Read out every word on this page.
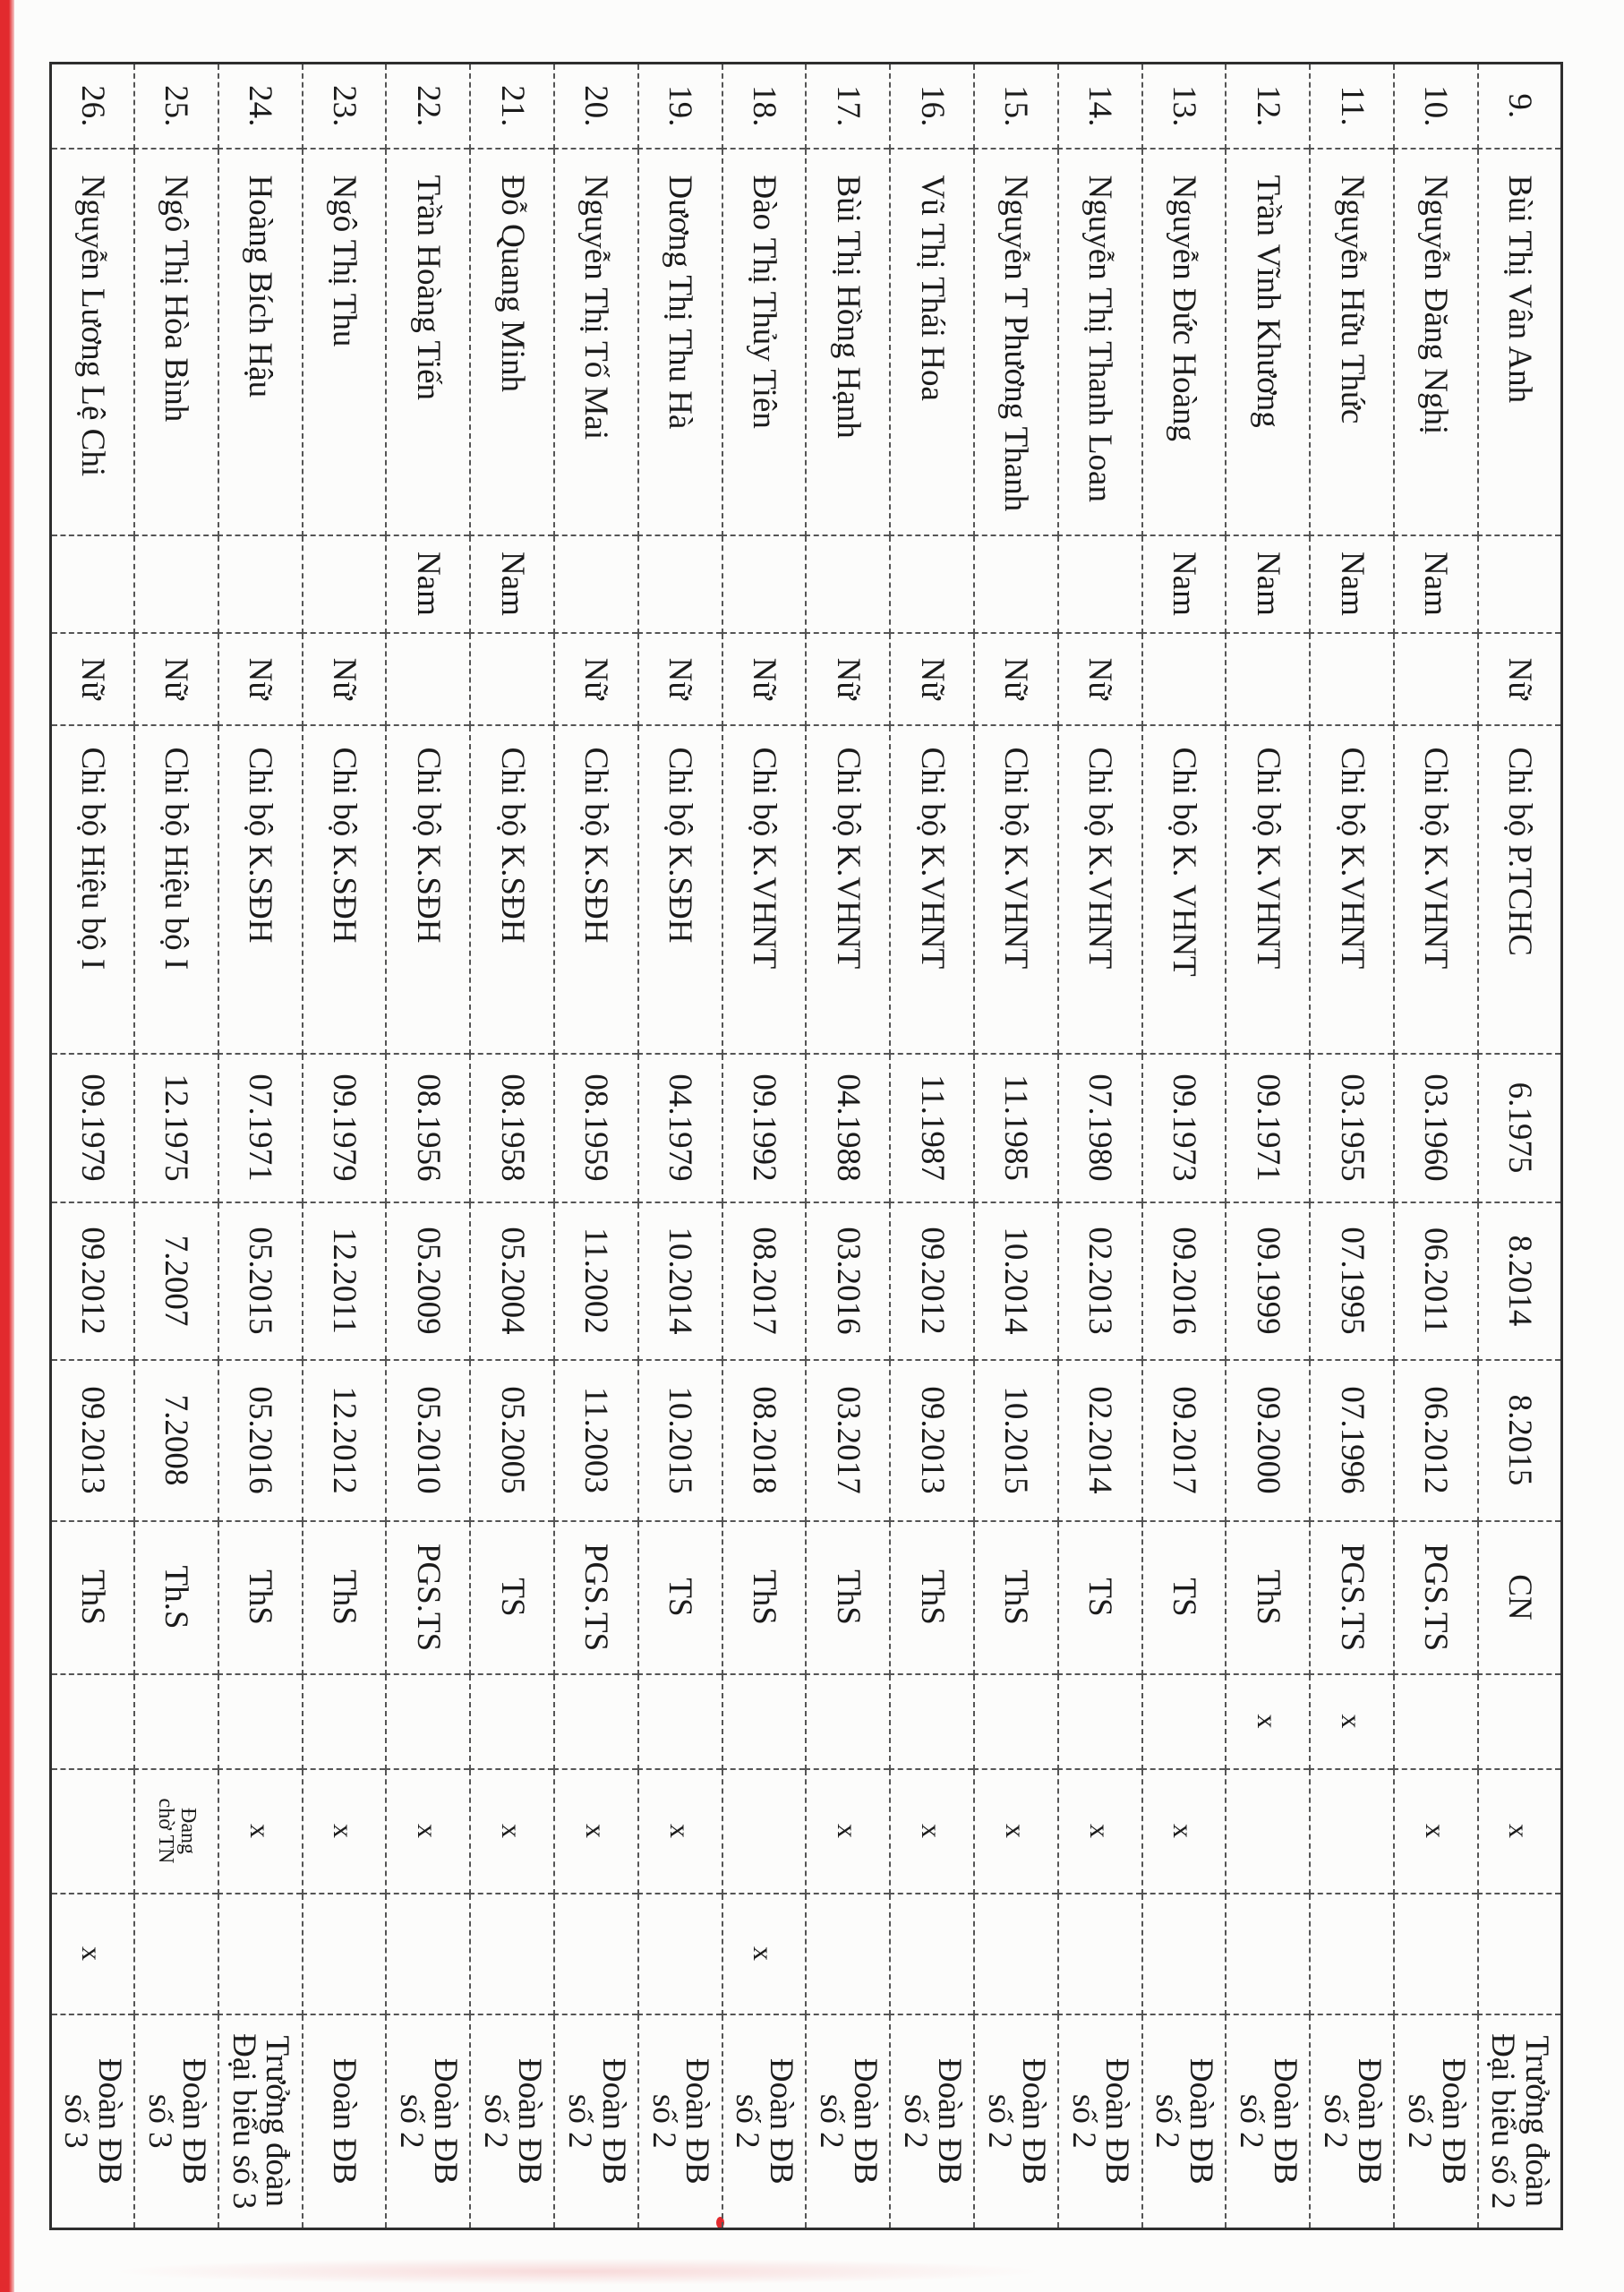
9.	Bùi Thị Vân Anh		Nữ	Chi bộ P.TCHC	6.1975	8.2014	8.2015	CN		x		Trưởng đoàn
Đại biểu số 2
10.	Nguyễn Đăng Nghị	Nam		Chi bộ K.VHNT	03.1960	06.2011	06.2012	PGS.TS		x		Đoàn ĐB
số 2
11.	Nguyễn Hữu Thức	Nam		Chi bộ K.VHNT	03.1955	07.1995	07.1996	PGS.TS	x			Đoàn ĐB
số 2
12.	Trần Vĩnh Khương	Nam		Chi bộ K.VHNT	09.1971	09.1999	09.2000	ThS	x			Đoàn ĐB
số 2
13.	Nguyễn Đức Hoàng	Nam		Chi bộ K. VHNT	09.1973	09.2016	09.2017	TS		x		Đoàn ĐB
số 2
14.	Nguyễn Thị Thanh Loan		Nữ	Chi bộ K.VHNT	07.1980	02.2013	02.2014	TS		x		Đoàn ĐB
số 2
15.	Nguyễn T Phương Thanh		Nữ	Chi bộ K.VHNT	11.1985	10.2014	10.2015	ThS		x		Đoàn ĐB
số 2
16.	Vũ Thị Thái Hoa		Nữ	Chi bộ K.VHNT	11.1987	09.2012	09.2013	ThS		x		Đoàn ĐB
số 2
17.	Bùi Thị Hồng Hạnh		Nữ	Chi bộ K.VHNT	04.1988	03.2016	03.2017	ThS		x		Đoàn ĐB
số 2
18.	Đào Thị Thủy Tiên		Nữ	Chi bộ K.VHNT	09.1992	08.2017	08.2018	ThS			x	Đoàn ĐB
số 2
19.	Dương Thị Thu Hà		Nữ	Chi bộ K.SĐH	04.1979	10.2014	10.2015	TS		x		Đoàn ĐB
số 2
20.	Nguyễn Thị Tố Mai		Nữ	Chi bộ K.SĐH	08.1959	11.2002	11.2003	PGS.TS		x		Đoàn ĐB
số 2
21.	Đỗ Quang Minh	Nam		Chi bộ K.SĐH	08.1958	05.2004	05.2005	TS		x		Đoàn ĐB
số 2
22.	Trần Hoàng Tiến	Nam		Chi bộ K.SĐH	08.1956	05.2009	05.2010	PGS.TS		x		Đoàn ĐB
số 2
23.	Ngô Thị Thu		Nữ	Chi bộ K.SĐH	09.1979	12.2011	12.2012	ThS		x		Đoàn ĐB
24.	Hoàng Bích Hậu		Nữ	Chi bộ K.SĐH	07.1971	05.2015	05.2016	ThS		x		Trưởng đoàn
Đại biểu số 3
25.	Ngô Thị Hòa Bình		Nữ	Chi bộ Hiệu bộ I	12.1975	7.2007	7.2008	Th.S		Đang
chờ TN		Đoàn ĐB
số 3
26.	Nguyễn Lương Lệ Chi		Nữ	Chi bộ Hiệu bộ I	09.1979	09.2012	09.2013	ThS			x	Đoàn ĐB
số 3
